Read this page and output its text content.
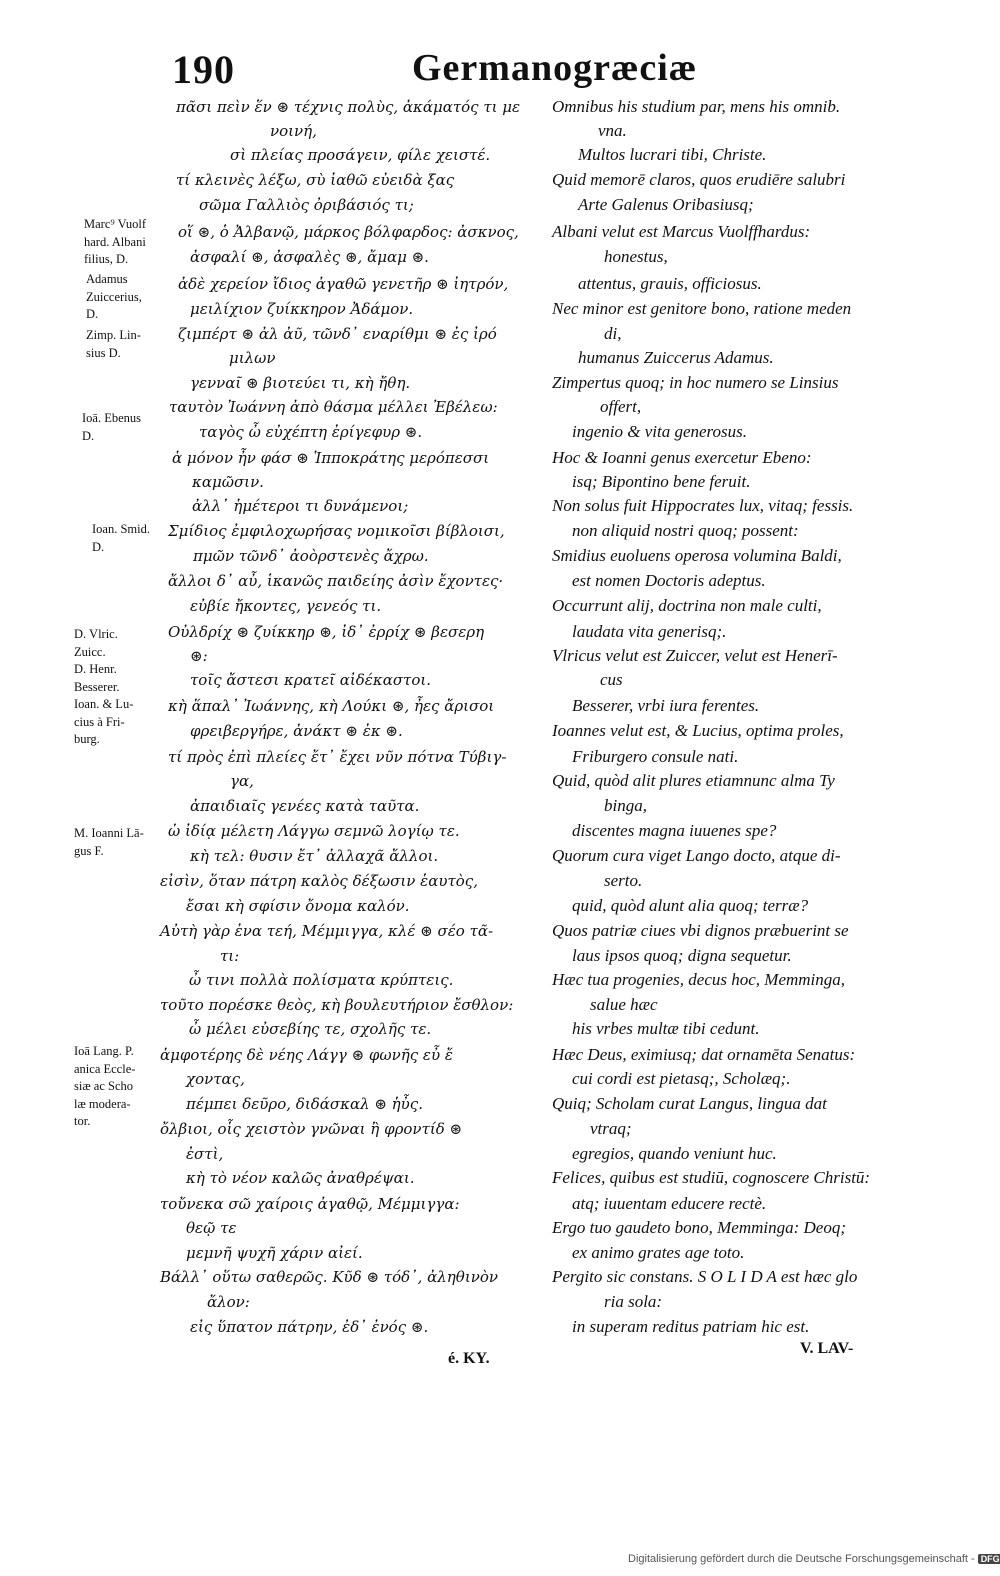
190	Germanogræciæ
πᾶσι πεὶν ἕν ⊛ τέχνις πολὺς, ἀκάματός τι με
νοινή,
σὶ πλείας προσάγειν, φίλε χειστέ.
τί κλεινὲς λέξω, σὺ ἰαθῶ εὐειδὰ ξας
σῶμα Γαλλιὸς ὀριβάσιός τι;
οἵ ⊛, ὁ Ἀλβανῷ, μάρκος βόλφαρδος: ἀσκνος,
ἀσφαλί ⊛, ἀσφαλὲς ⊛, ἄμαμ ⊛.
ἀδὲ χερείον ἴδιος ἀγαθῶ γενετῆρ ⊛ ἰητρόν,
μειλίχιον ζυίκκηρον Ἀδάμον.
ζιμπέρτ ⊛ ἀλ ἀῦ, τῶνδ᾽ εναρίθμι ⊛ ἐς ἰρό
μιλων
γενναῖ ⊛ βιοτεύει τι, κὴ ἤθη.
ταυτὸν Ἰωάννη ἀπὸ θάσμα μέλλει Ἐβέλεω:
ταγὸς ὦ εὐχέπτη ἐρίγεφυρ ⊛.
ἁ μόνον ἦν φάσ ⊛ Ἱπποκράτης μερόπεσσι
καμῶσιν.
ἀλλ᾽ ἡμέτεροι τι δυνάμενοι;
Σμίδιος ἐμφιλοχωρήσας νομικοῖσι βίβλοισι,
πμῶν τῶνδ᾽ ἀοὸρστενὲς ἄχρω.
ἄλλοι δ᾽ αὖ, ἱκανῶς παιδείης ἀσὶν ἔχοντες·
εὐβίε ἤκοντες, γενεός τι.
Οὐλδρίχ ⊛ ζυίκκηρ ⊛, ἰδ᾽ ἐρρίχ ⊛ βεσερη
⊛:
τοῖς ἄστεσι κρατεῖ αἰδέκαστοι.
κὴ ἅπαλ᾽ Ἰωάννης, κὴ Λούκι ⊛, ἦες ἄρισοι
φρειβεργήρε, ἀνάκτ ⊛ ἐκ ⊛.
τί πρὸς ἐπὶ πλείες ἔτ᾽ ἔχει νῦν πότνα Τύβιγ-
γα,
ἀπαιδιαῖς γενέες κατὰ ταῦτα.
ὡ ἰδίᾳ μέλετη Λάγγω σεμνῶ λογίῳ τε.
κὴ τελ: θυσιν ἔτ᾽ ἀλλαχᾶ ἄλλοι.
εἰσὶν, ὅταν πάτρη καλὸς δέξωσιν ἑαυτὸς,
ἔσαι κὴ σφίσιν ὄνομα καλόν.
Αὐτὴ γὰρ ἐνα τεή, Μέμμιγγα, κλέ ⊛ σέο τᾶ-
τι:
ὦ τινι πολλὰ πολίσματα κρύπτεις.
τοῦτο πορέσκε θεὸς, κὴ βουλευτήριον ἔσθλον:
ὦ μέλει εὐσεβίης τε, σχολῆς τε.
ἀμφοτέρης δὲ νέης Λάγγ ⊛ φωνῆς εὖ ἔ
χοντας,
πέμπει δεῦρο, διδάσκαλ ⊛ ἡὖς.
ὄλβιοι, οἷς χειστὸν γνῶναι ἢ φροντίδ ⊛
ἐστὶ,
κὴ τὸ νέον καλῶς ἀναθρέψαι.
τοὔνεκα σῶ χαίροις ἀγαθῷ, Μέμμιγγα:
θεῷ τε
μεμνῆ ψυχῆ χάριν αἰεί.
Βάλλ᾽ οὕτω σαθερῶς. Κῦδ ⊛ τόδ᾽, ἀληθινὸν
ἄλον:
εἰς ὕπατον πάτρην, ἐδ᾽ ἐνός ⊛.
Omnibus his studium par, mens his omnib.
vna.
Multos lucrari tibi, Christe.
Quid memorē claros, quos erudiēre salubri
Arte Galenus Oribasiusq;
Albani velut est Marcus Vuolffhardus:
honestus,
attentus, grauis, officiosus.
Nec minor est genitore bono, ratione meden
di,
humanus Zuiccerus Adamus.
Zimpertus quoq; in hoc numero se Linsius
offert,
ingenio & vita generosus.
Hoc & Ioanni genus exercetur Ebeno:
isq; Bipontino bene feruit.
Non solus fuit Hippocrates lux, vitaq; fessis.
non aliquid nostri quoq; possent:
Smidius euoluens operosa volumina Baldi,
est nomen Doctoris adeptus.
Occurrunt alij, doctrina non male culti,
laudata vita generisq;.
Vlricus velut est Zuiccer, velut est Henerī-
cus
Besserer, vrbi iura ferentes.
Ioannes velut est, & Lucius, optima proles,
Friburgero consule nati.
Quid, quòd alit plures etiamnunc alma Ty
binga,
discentes magna iuuenes spe?
Quorum cura viget Lango docto, atque di-
serto.
quid, quòd alunt alia quoq; terræ?
Quos patriæ ciues vbi dignos præbuerint se
laus ipsos quoq; digna sequetur.
Hæc tua progenies, decus hoc, Memminga,
salue hæc
his vrbes multæ tibi cedunt.
Hæc Deus, eximiusq; dat ornamēta Senatus:
cui cordi est pietasq;, Scholæq;.
Quiq; Scholam curat Langus, lingua dat
vtraq;
egregios, quando veniunt huc.
Felices, quibus est studiū, cognoscere Christū:
atq; iuuentam educere rectè.
Ergo tuo gaudeto bono, Memminga: Deoq;
ex animo grates age toto.
Pergito sic constans. S O L I D A est hæc glo
ria sola:
in superam reditus patriam hic est.
Marc⁹ Vuolf
hard. Albani
filius, D.
Adamus
Zuiccerius,
D.
Zimp. Lin-
sius D.
Ioā. Ebenus
D.
Ioan. Smid.
D.
D. Vlric.
Zuicc.
D. Henr.
Besserer.
Ioan. & Lu-
cius à Fri-
burg.
M. Ioanni Lā-
gus F.
Ioā Lang. P.
anica Eccle-
siæ ac Scho
læ modera-
tor.
é. KY.
V. LAV-
Digitalisierung gefördert durch die Deutsche Forschungsgemeinschaft - DFG
